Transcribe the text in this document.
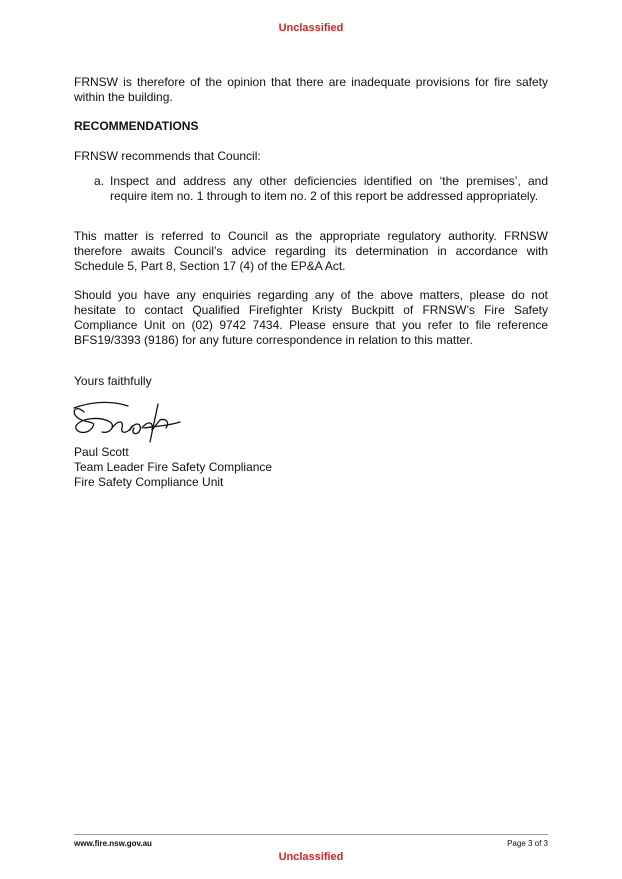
Unclassified

FRNSW is therefore of the opinion that there are inadequate provisions for fire safety within the building.

RECOMMENDATIONS

FRNSW recommends that Council:

a. Inspect and address any other deficiencies identified on ‘the premises’, and require item no. 1 through to item no. 2 of this report be addressed appropriately.

This matter is referred to Council as the appropriate regulatory authority. FRNSW therefore awaits Council’s advice regarding its determination in accordance with Schedule 5, Part 8, Section 17 (4) of the EP&A Act.

Should you have any enquiries regarding any of the above matters, please do not hesitate to contact Qualified Firefighter Kristy Buckpitt of FRNSW’s Fire Safety Compliance Unit on (02) 9742 7434. Please ensure that you refer to file reference BFS19/3393 (9186) for any future correspondence in relation to this matter.

Yours faithfully

Paul Scott
Team Leader Fire Safety Compliance
Fire Safety Compliance Unit
www.fire.nsw.gov.au	Page 3 of 3
Unclassified
